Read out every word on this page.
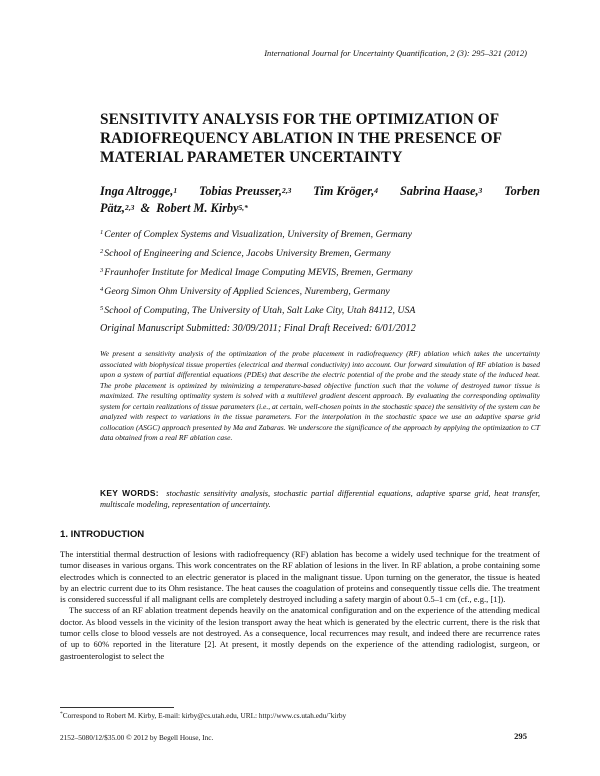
International Journal for Uncertainty Quantification, 2 (3): 295–321 (2012)
SENSITIVITY ANALYSIS FOR THE OPTIMIZATION OF
RADIOFREQUENCY ABLATION IN THE PRESENCE OF
MATERIAL PARAMETER UNCERTAINTY
Inga Altrogge,$^1$ Tobias Preusser,$^{2,3}$ Tim Kröger,$^4$ Sabrina Haase,$^3$ Torben
Pätz,$^{2,3}$ & Robert M. Kirby$^{5,*}$
$^1$Center of Complex Systems and Visualization, University of Bremen, Germany
$^2$School of Engineering and Science, Jacobs University Bremen, Germany
$^3$Fraunhofer Institute for Medical Image Computing MEVIS, Bremen, Germany
$^4$Georg Simon Ohm University of Applied Sciences, Nuremberg, Germany
$^5$School of Computing, The University of Utah, Salt Lake City, Utah 84112, USA
Original Manuscript Submitted: 30/09/2011; Final Draft Received: 6/01/2012
We present a sensitivity analysis of the optimization of the probe placement in radiofrequency (RF) ablation which takes the uncertainty associated with biophysical tissue properties (electrical and thermal conductivity) into account. Our forward simulation of RF ablation is based upon a system of partial differential equations (PDEs) that describe the electric potential of the probe and the steady state of the induced heat. The probe placement is optimized by minimizing a temperature-based objective function such that the volume of destroyed tumor tissue is maximized. The resulting optimality system is solved with a multilevel gradient descent approach. By evaluating the corresponding optimality system for certain realizations of tissue parameters (i.e., at certain, well-chosen points in the stochastic space) the sensitivity of the system can be analyzed with respect to variations in the tissue parameters. For the interpolation in the stochastic space we use an adaptive sparse grid collocation (ASGC) approach presented by Ma and Zabaras. We underscore the significance of the approach by applying the optimization to CT data obtained from a real RF ablation case.
KEY WORDS: stochastic sensitivity analysis, stochastic partial differential equations, adaptive sparse grid, heat transfer, multiscale modeling, representation of uncertainty.
1. INTRODUCTION

The interstitial thermal destruction of lesions with radiofrequency (RF) ablation has become a widely used technique for the treatment of tumor diseases in various organs. This work concentrates on the RF ablation of lesions in the liver. In RF ablation, a probe containing some electrodes which is connected to an electric generator is placed in the malignant tissue. Upon turning on the generator, the tissue is heated by an electric current due to its Ohm resistance. The heat causes the coagulation of proteins and consequently tissue cells die. The treatment is considered successful if all malignant cells are completely destroyed including a safety margin of about 0.5–1 cm (cf., e.g., [1]).

The success of an RF ablation treatment depends heavily on the anatomical configuration and on the experience of the attending medical doctor. As blood vessels in the vicinity of the lesion transport away the heat which is generated by the electric current, there is the risk that tumor cells close to blood vessels are not destroyed. As a consequence, local recurrences may result, and indeed there are recurrence rates of up to 60% reported in the literature [2]. At present, it mostly depends on the experience of the attending radiologist, surgeon, or gastroenterologist to select the

*Correspond to Robert M. Kirby, E-mail: kirby@cs.utah.edu, URL: http://www.cs.utah.edu/˜kirby
2152–5080/12/$35.00 © 2012 by Begell House, Inc.	295
